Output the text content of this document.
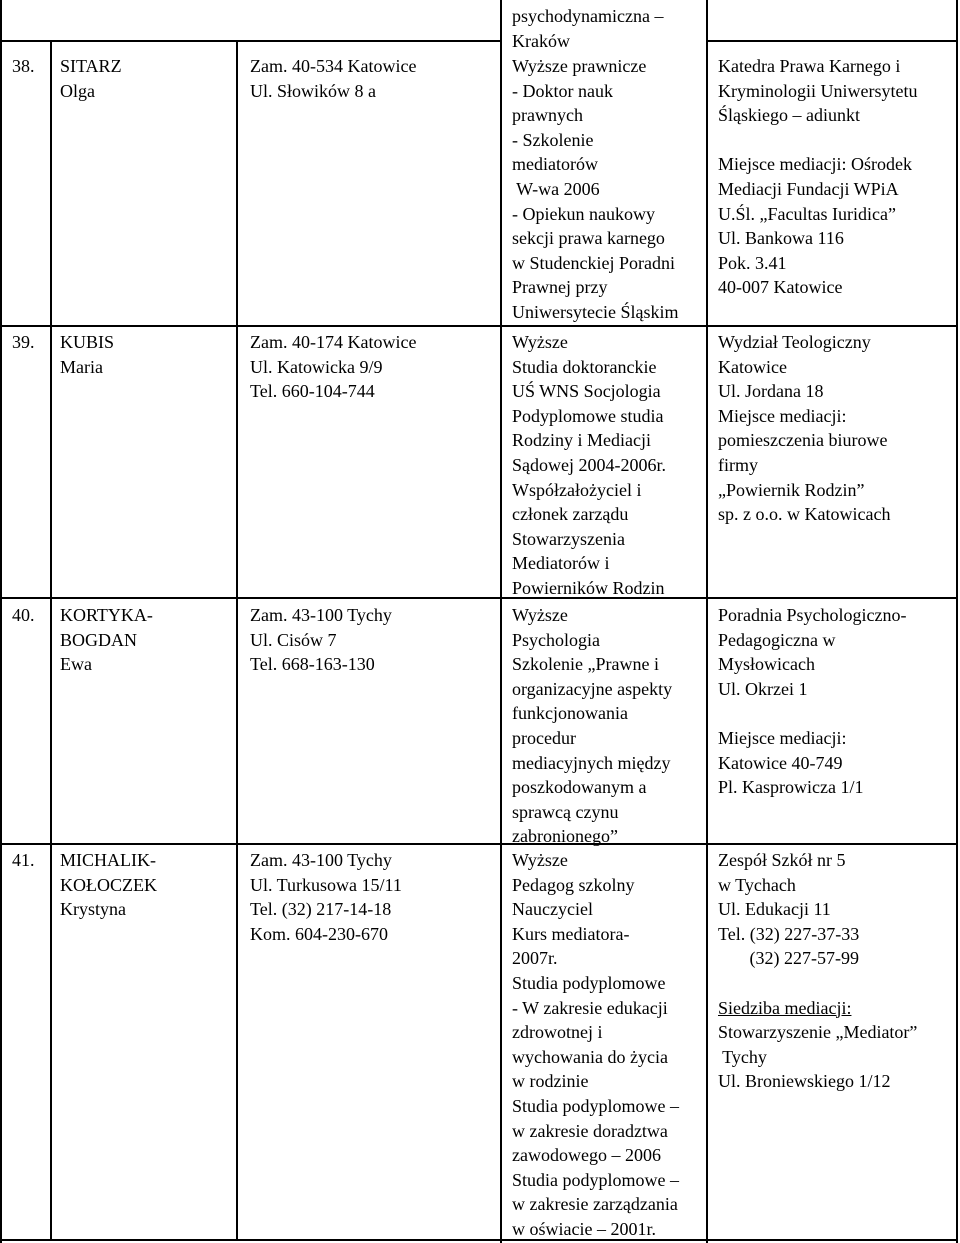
psychodynamiczna –
Kraków
38. SITARZ
Olga
Zam. 40-534 Katowice
Ul. Słowików 8 a
Wyższe prawnicze
- Doktor nauk
prawnych
- Szkolenie
mediatorów
W-wa 2006
- Opiekun naukowy
sekcji prawa karnego
w Studenckiej Poradni
Prawnej przy
Uniwersytecie Śląskim
Katedra Prawa Karnego i
Kryminologii Uniwersytetu
Śląskiego – adiunkt
Miejsce mediacji: Ośrodek
Mediacji Fundacji WPiA
U.Śl. „Facultas Iuridica”
Ul. Bankowa 116
Pok. 3.41
40-007 Katowice
39. KUBIS
Maria
Zam. 40-174 Katowice
Ul. Katowicka 9/9
Tel. 660-104-744
Wyższe
Studia doktoranckie
UŚ WNS Socjologia
Podyplomowe studia
Rodziny i Mediacji
Sądowej 2004-2006r.
Współzałożyciel i
członek zarządu
Stowarzyszenia
Mediatorów i
Powierników Rodzin
Wydział Teologiczny
Katowice
Ul. Jordana 18
Miejsce mediacji:
pomieszczenia biurowe
firmy
„Powiernik Rodzin”
sp. z o.o. w Katowicach
40. KORTYKA-
BOGDAN
Ewa
Zam. 43-100 Tychy
Ul. Cisów 7
Tel. 668-163-130
Wyższe
Psychologia
Szkolenie „Prawne i
organizacyjne aspekty
funkcjonowania
procedur
mediacyjnych między
poszkodowanym a
sprawcą czynu
zabronionego”
Poradnia Psychologiczno-
Pedagogiczna w
Mysłowicach
Ul. Okrzei 1
Miejsce mediacji:
Katowice 40-749
Pl. Kasprowicza 1/1
41. MICHALIK-
KOŁOCZEK
Krystyna
Zam. 43-100 Tychy
Ul. Turkusowa 15/11
Tel. (32) 217-14-18
Kom. 604-230-670
Wyższe
Pedagog szkolny
Nauczyciel
Kurs mediatora-
2007r.
Studia podyplomowe
- W zakresie edukacji
zdrowotnej i
wychowania do życia
w rodzinie
Studia podyplomowe –
w zakresie doradztwa
zawodowego – 2006
Studia podyplomowe –
w zakresie zarządzania
w oświacie – 2001r.
Zespół Szkół nr 5
w Tychach
Ul. Edukacji 11
Tel. (32) 227-37-33
(32) 227-57-99
Siedziba mediacji:
Stowarzyszenie „Mediator”
Tychy
Ul. Broniewskiego 1/12
